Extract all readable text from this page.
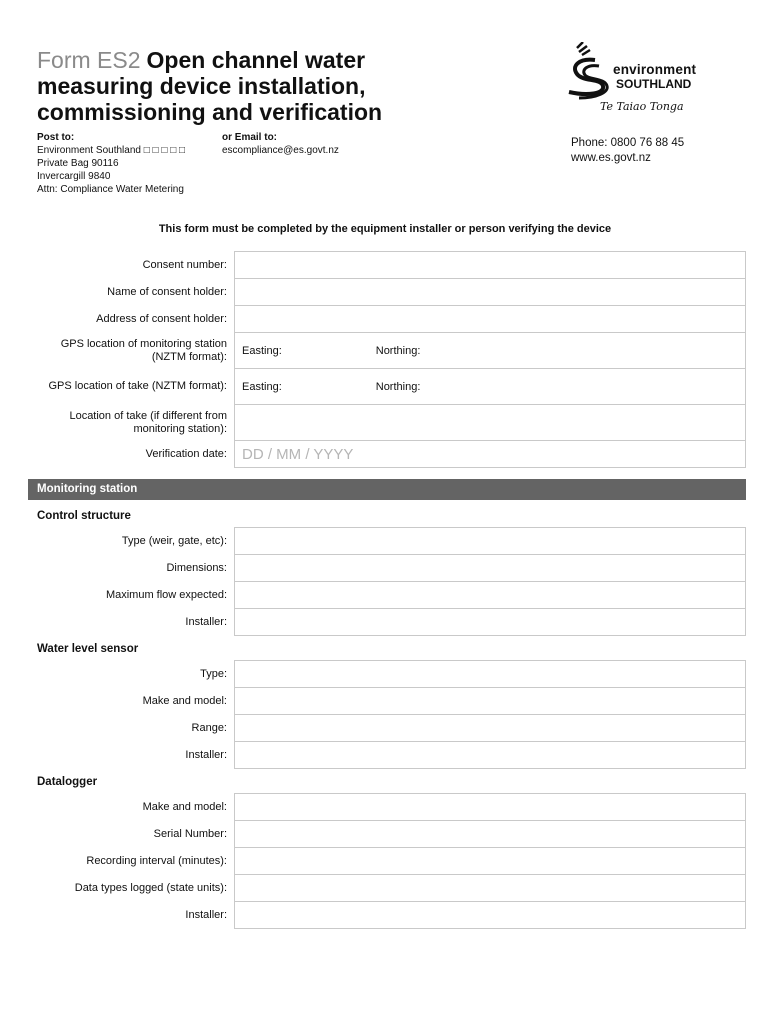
Form ES2 Open channel water measuring device installation, commissioning and verification
environment
SOUTHLAND
Te Taiao Tonga
Post to:
Environment Southland □ □ □ □ □
Private Bag 90116
Invercargill 9840
Attn: Compliance Water Metering
or Email to:
escompliance@es.govt.nz
Phone: 0800 76 88 45
www.es.govt.nz
This form must be completed by the equipment installer or person verifying the device
Consent number:	
Name of consent holder:	
Address of consent holder:	
GPS location of monitoring station (NZTM format):	Easting: Northing:
GPS location of take (NZTM format):	Easting: Northing:
Location of take (if different from monitoring station):	
Verification date:	DD / MM / YYYY
Monitoring station
Control structure
Type (weir, gate, etc):	
Dimensions:	
Maximum flow expected:	
Installer:	
Water level sensor
Type:	
Make and model:	
Range:	
Installer:	
Datalogger
Make and model:	
Serial Number:	
Recording interval (minutes):	
Data types logged (state units):	
Installer:	
